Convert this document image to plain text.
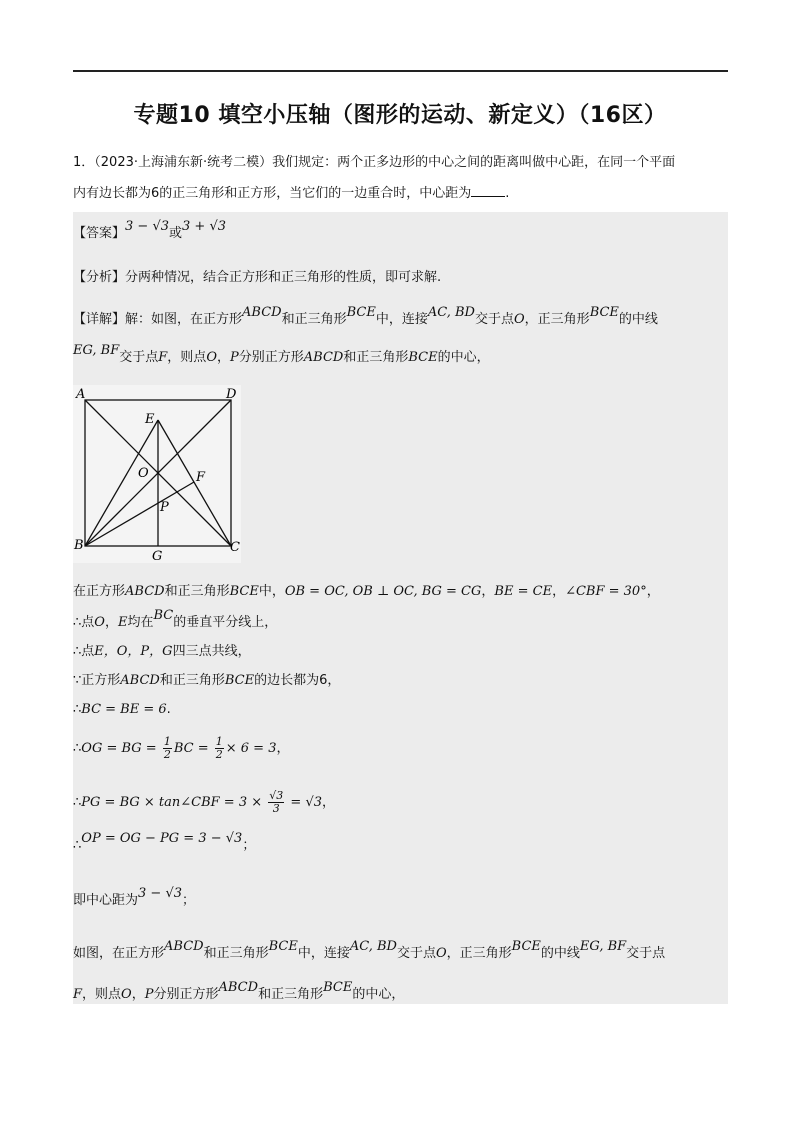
专题10 填空小压轴（图形的运动、新定义）（16区）
1．（2023·上海浦东新·统考二模）我们规定：两个正多边形的中心之间的距离叫做中心距，在同一个平面
内有边长都为6的正三角形和正方形，当它们的一边重合时，中心距为	.
【答案】3 − √3或3 + √3
【分析】分两种情况，结合正方形和正三角形的性质，即可求解.
【详解】解：如图，在正方形ABCD和正三角形BCE中，连接AC, BD交于点O，正三角形BCE的中线
EG, BF交于点F，则点O，P分别正方形ABCD和正三角形BCE的中心，
A	D
B	C
E
O	F
P
G
在正方形ABCD和正三角形BCE中，OB = OC, OB ⊥ OC, BG = CG，BE = CE，∠CBF = 30°，
∴点O，E均在BC的垂直平分线上，
∴点E，O，P，G四三点共线，
∵正方形ABCD和正三角形BCE的边长都为6，
∴BC = BE = 6.
∴OG = BG = $\frac{1}{2}$ BC = $\frac{1}{2} \times 6 = 3$，
∴PG = BG × tan∠CBF = $3 \times \frac{√3}{3} = √3$，
∴OP = OG − PG = 3 − √3；
即中心距为3 − √3；
如图，在正方形ABCD和正三角形BCE中，连接AC, BD交于点O，正三角形BCE的中线EG, BF交于点
F，则点O，P分别正方形ABCD和正三角形BCE的中心，
